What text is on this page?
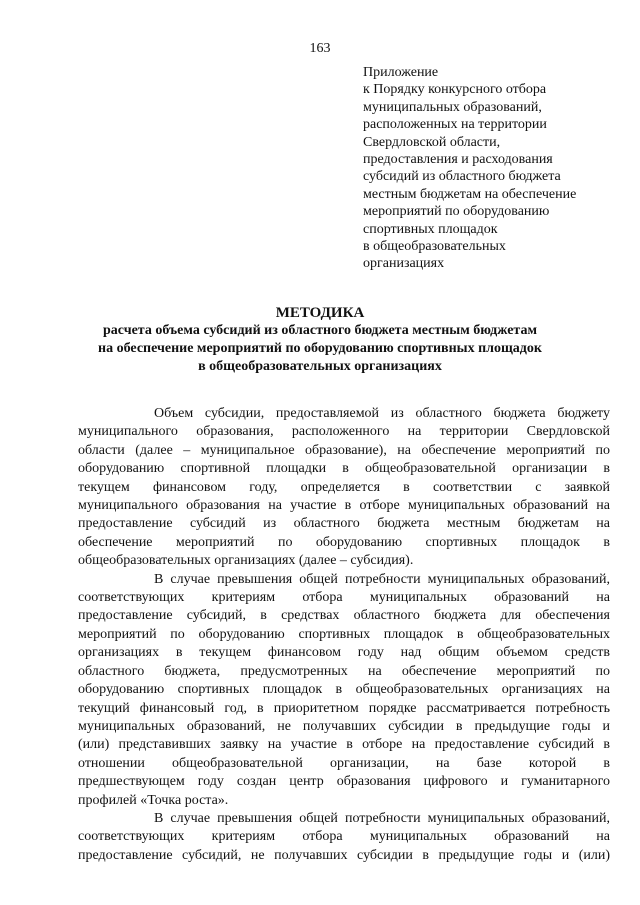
163
Приложение
к Порядку конкурсного отбора
муниципальных образований,
расположенных на территории
Свердловской области,
предоставления и расходования
субсидий из областного бюджета
местным бюджетам на обеспечение
мероприятий по оборудованию
спортивных площадок
в общеобразовательных
организациях
МЕТОДИКА
расчета объема субсидий из областного бюджета местным бюджетам
на обеспечение мероприятий по оборудованию спортивных площадок
в общеобразовательных организациях
Объем субсидии, предоставляемой из областного бюджета бюджету
муниципального образования, расположенного на территории Свердловской
области (далее – муниципальное образование), на обеспечение мероприятий по
оборудованию спортивной площадки в общеобразовательной организации в
текущем финансовом году, определяется в соответствии с заявкой
муниципального образования на участие в отборе муниципальных образований на
предоставление субсидий из областного бюджета местным бюджетам на
обеспечение мероприятий по оборудованию спортивных площадок в
общеобразовательных организациях (далее – субсидия).
В случае превышения общей потребности муниципальных образований,
соответствующих критериям отбора муниципальных образований на
предоставление субсидий, в средствах областного бюджета для обеспечения
мероприятий по оборудованию спортивных площадок в общеобразовательных
организациях в текущем финансовом году над общим объемом средств
областного бюджета, предусмотренных на обеспечение мероприятий по
оборудованию спортивных площадок в общеобразовательных организациях на
текущий финансовый год, в приоритетном порядке рассматривается потребность
муниципальных образований, не получавших субсидии в предыдущие годы и
(или) представивших заявку на участие в отборе на предоставление субсидий в
отношении общеобразовательной организации, на базе которой в
предшествующем году создан центр образования цифрового и гуманитарного
профилей «Точка роста».
В случае превышения общей потребности муниципальных образований,
соответствующих критериям отбора муниципальных образований на
предоставление субсидий, не получавших субсидии в предыдущие годы и (или)
